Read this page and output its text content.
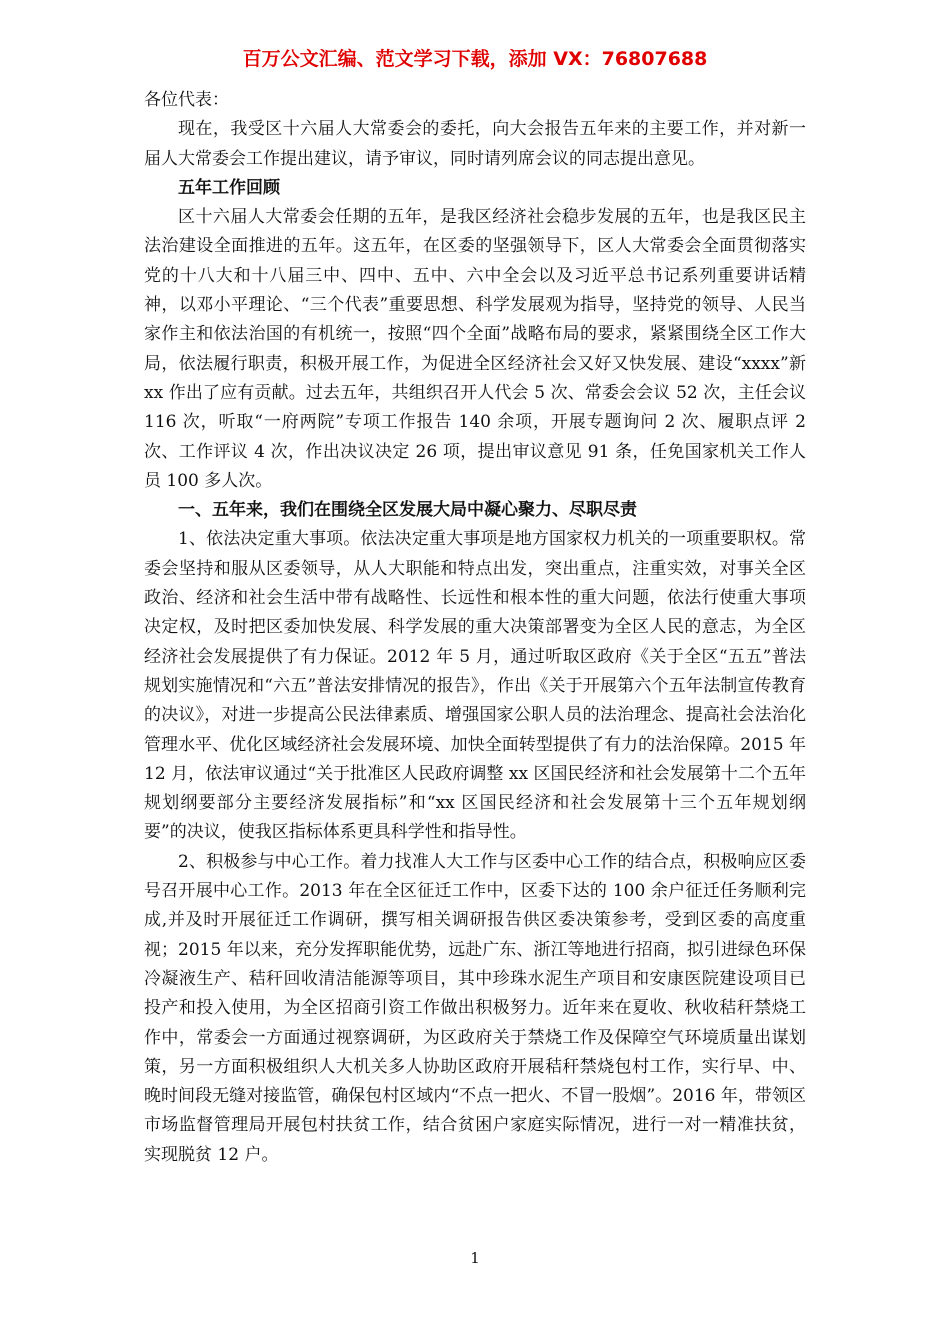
百万公文汇编、范文学习下载，添加 VX：76807688

各位代表：

现在，我受区十六届人大常委会的委托，向大会报告五年来的主要工作，并对新一届人大常委会工作提出建议，请予审议，同时请列席会议的同志提出意见。

五年工作回顾

区十六届人大常委会任期的五年，是我区经济社会稳步发展的五年，也是我区民主法治建设全面推进的五年。这五年，在区委的坚强领导下，区人大常委会全面贯彻落实党的十八大和十八届三中、四中、五中、六中全会以及习近平总书记系列重要讲话精神，以邓小平理论、“三个代表”重要思想、科学发展观为指导，坚持党的领导、人民当家作主和依法治国的有机统一，按照“四个全面”战略布局的要求，紧紧围绕全区工作大局，依法履行职责，积极开展工作，为促进全区经济社会又好又快发展、建设“xxxx”新 xx 作出了应有贡献。过去五年，共组织召开人代会 5 次、常委会会议 52 次，主任会议 116 次，听取“一府两院”专项工作报告 140 余项，开展专题询问 2 次、履职点评 2 次、工作评议 4 次，作出决议决定 26 项，提出审议意见 91 条，任免国家机关工作人员 100 多人次。

一、五年来，我们在围绕全区发展大局中凝心聚力、尽职尽责

1、依法决定重大事项。依法决定重大事项是地方国家权力机关的一项重要职权。常委会坚持和服从区委领导，从人大职能和特点出发，突出重点，注重实效，对事关全区政治、经济和社会生活中带有战略性、长远性和根本性的重大问题，依法行使重大事项决定权，及时把区委加快发展、科学发展的重大决策部署变为全区人民的意志，为全区经济社会发展提供了有力保证。2012 年 5 月，通过听取区政府《关于全区“五五”普法规划实施情况和“六五”普法安排情况的报告》，作出《关于开展第六个五年法制宣传教育的决议》，对进一步提高公民法律素质、增强国家公职人员的法治理念、提高社会法治化管理水平、优化区域经济社会发展环境、加快全面转型提供了有力的法治保障。2015 年 12 月，依法审议通过“关于批准区人民政府调整 xx 区国民经济和社会发展第十二个五年规划纲要部分主要经济发展指标”和“xx 区国民经济和社会发展第十三个五年规划纲要”的决议，使我区指标体系更具科学性和指导性。

2、积极参与中心工作。着力找准人大工作与区委中心工作的结合点，积极响应区委号召开展中心工作。2013 年在全区征迁工作中，区委下达的 100 余户征迁任务顺利完成,并及时开展征迁工作调研，撰写相关调研报告供区委决策参考，受到区委的高度重视；2015 年以来，充分发挥职能优势，远赴广东、浙江等地进行招商，拟引进绿色环保冷凝液生产、秸秆回收清洁能源等项目，其中珍珠水泥生产项目和安康医院建设项目已投产和投入使用，为全区招商引资工作做出积极努力。近年来在夏收、秋收秸秆禁烧工作中，常委会一方面通过视察调研，为区政府关于禁烧工作及保障空气环境质量出谋划策，另一方面积极组织人大机关多人协助区政府开展秸秆禁烧包村工作，实行早、中、晚时间段无缝对接监管，确保包村区域内“不点一把火、不冒一股烟”。2016 年，带领区市场监督管理局开展包村扶贫工作，结合贫困户家庭实际情况，进行一对一精准扶贫，实现脱贫 12 户。

1
